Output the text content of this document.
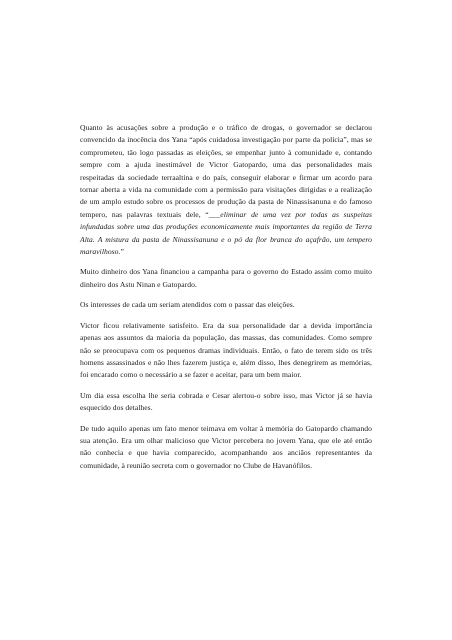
Quanto às acusações sobre a produção e o tráfico de drogas, o governador se declarou convencido da inocência dos Yana “após cuidadosa investigação por parte da polícia”, mas se comprometeu, tão logo passadas as eleições, se empenhar junto à comunidade e, contando sempre com a ajuda inestimável de Victor Gatopardo, uma das personalidades mais respeitadas da sociedade terraaltina e do país, conseguir elaborar e firmar um acordo para tornar aberta a vida na comunidade com a permissão para visitações dirigidas e a realização de um amplo estudo sobre os processos de produção da pasta de Ninassisanuna e do famoso tempero, nas palavras textuais dele, “___eliminar de uma vez por todas as suspeitas infundadas sobre uma das produções economicamente mais importantes da região de Terra Alta. A mistura da pasta de Ninassisanuna e o pó da flor branca do açafrão, um tempero maravilhoso.”

Muito dinheiro dos Yana financiou a campanha para o governo do Estado assim como muito dinheiro dos Astu Ninan e Gatopardo.

Os interesses de cada um seriam atendidos com o passar das eleições.

Victor ficou relativamente satisfeito. Era da sua personalidade dar a devida importância apenas aos assuntos da maioria da população, das massas, das comunidades. Como sempre não se preocupava com os pequenos dramas individuais. Então, o fato de terem sido os três homens assassinados e não lhes fazerem justiça e, além disso, lhes denegrirem as memórias, foi encarado como o necessário a se fazer e aceitar, para um bem maior.

Um dia essa escolha lhe seria cobrada e Cesar alertou-o sobre isso, mas Victor já se havia esquecido dos detalhes.

De tudo aquilo apenas um fato menor teimava em voltar à memória do Gatopardo chamando sua atenção. Era um olhar malicioso que Victor percebera no jovem Yana, que ele até então não conhecia e que havia comparecido, acompanhando aos anciãos representantes da comunidade, à reunião secreta com o governador no Clube de Havanófilos.
